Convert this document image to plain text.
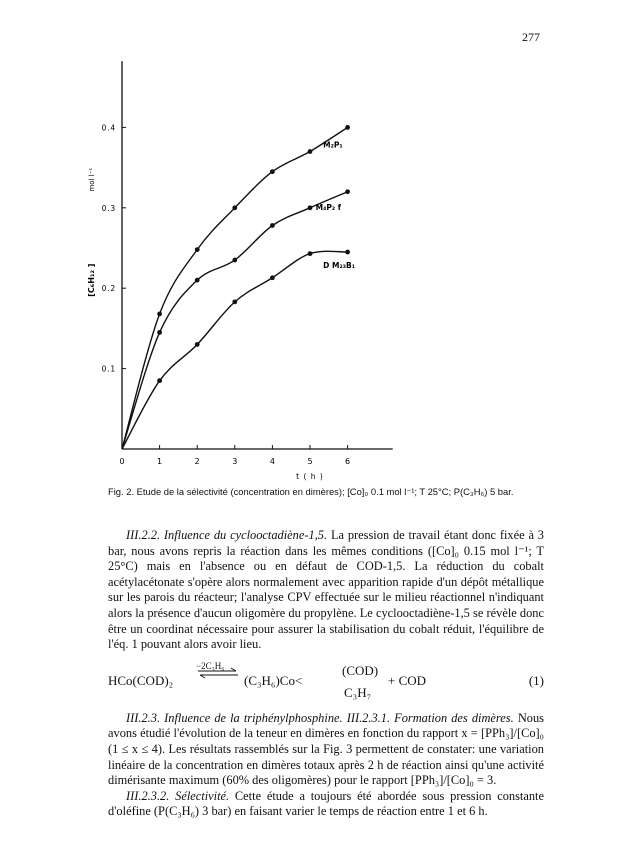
277
0	1	2	3	4	5	6
0.1
0.2
0.3
0.4
t ( h )
[C₆H₁₂ ]
mol l⁻¹
M₂P₁
M₄P₂ f
D M₂₃B₁
Fig. 2. Etude de la sélectivité (concentration en dimères); [Co]₀ 0.1 mol l⁻¹; T 25°C; P(C₃H₆) 5 bar.

III.2.2. Influence du cyclooctadiène-1,5. La pression de travail étant donc fixée à 3 bar, nous avons repris la réaction dans les mêmes conditions ([Co]₀ 0.15 mol l⁻¹; T 25°C) mais en l'absence ou en défaut de COD-1,5. La réduction du cobalt acétylacétonate s'opère alors normalement avec apparition rapide d'un dépôt métallique sur les parois du réacteur; l'analyse CPV effectuée sur le milieu réactionnel n'indiquant alors la présence d'aucun oligomère du propylène. Le cyclooctadiène-1,5 se révèle donc être un coordinat nécessaire pour assurer la stabilisation du cobalt réduit, l'équilibre de l'éq. 1 pouvant alors avoir lieu.

HCo(COD)₂
−2C₃H₆
⇌ (C₃H₆)Co<
(COD)
C₃H₇
+ COD	(1)

III.2.3. Influence de la triphénylphosphine. III.2.3.1. Formation des dimères. Nous avons étudié l'évolution de la teneur en dimères en fonction du rapport x = [PPh₃]/[Co]₀ (1 ≤ x ≤ 4). Les résultats rassemblés sur la Fig. 3 permettent de constater: une variation linéaire de la concentration en dimères totaux après 2 h de réaction ainsi qu'une activité dimérisante maximum (60% des oligomères) pour le rapport [PPh₃]/[Co]₀ = 3.

III.2.3.2. Sélectivité. Cette étude a toujours été abordée sous pression constante d'oléfine (P(C₃H₆) 3 bar) en faisant varier le temps de réaction entre 1 et 6 h.
